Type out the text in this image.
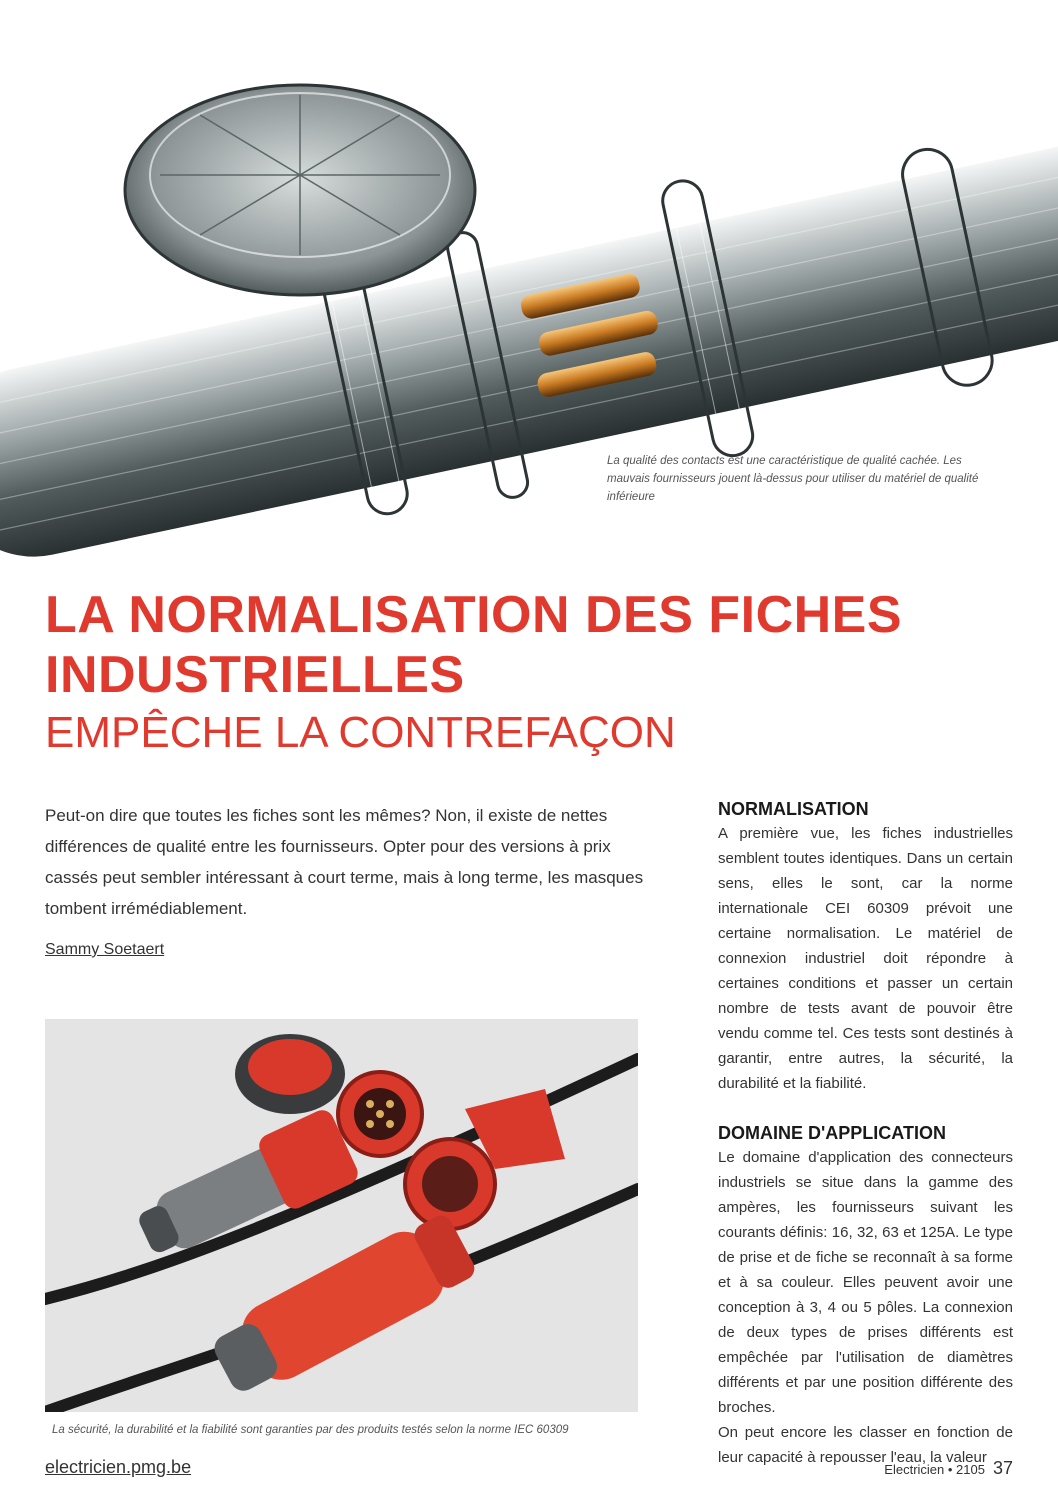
La qualité des contacts est une caractéristique de qualité cachée. Les mauvais fournisseurs jouent là-dessus pour utiliser du matériel de qualité inférieure
LA NORMALISATION DES FICHES INDUSTRIELLES
EMPÊCHE LA CONTREFAÇON
Peut-on dire que toutes les fiches sont les mêmes? Non, il existe de nettes différences de qualité entre les fournisseurs. Opter pour des versions à prix cassés peut sembler intéressant à court terme, mais à long terme, les masques tombent irrémédiablement.
Sammy Soetaert
La sécurité, la durabilité et la fiabilité sont garanties par des produits testés selon la norme IEC 60309
NORMALISATION

A première vue, les fiches industrielles semblent toutes identiques. Dans un certain sens, elles le sont, car la norme internationale CEI 60309 prévoit une certaine normalisation. Le matériel de connexion industriel doit répondre à certaines conditions et passer un certain nombre de tests avant de pouvoir être vendu comme tel. Ces tests sont destinés à garantir, entre autres, la sécurité, la durabilité et la fiabilité.

DOMAINE D'APPLICATION

Le domaine d'application des connecteurs industriels se situe dans la gamme des ampères, les fournisseurs suivant les courants définis: 16, 32, 63 et 125A. Le type de prise et de fiche se reconnaît à sa forme et à sa couleur. Elles peuvent avoir une conception à 3, 4 ou 5 pôles. La connexion de deux types de prises différents est empêchée par l'utilisation de diamètres différents et par une position différente des broches.

On peut encore les classer en fonction de leur capacité à repousser l'eau, la valeur

electricien.pmg.be	Electricien • 2105 37
